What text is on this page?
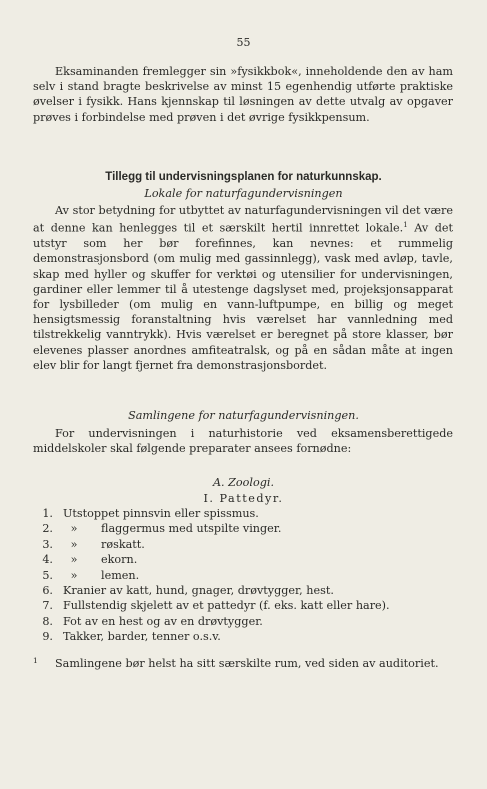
55

Eksaminanden fremlegger sin »fysikkbok«, inneholdende den av ham selv i stand bragte beskrivelse av minst 15 egenhendig utførte praktiske øvelser i fysikk. Hans kjennskap til løsningen av dette utvalg av opgaver prøves i forbindelse med prøven i det øvrige fysikkpensum.

Tillegg til undervisningsplanen for naturkunnskap.
Lokale for naturfagundervisningen

Av stor betydning for utbyttet av naturfagundervisningen vil det være at denne kan henlegges til et særskilt hertil innrettet lokale.$^1$ Av det utstyr som her bør forefinnes, kan nevnes: et rummelig demonstrasjonsbord (om mulig med gassinnlegg), vask med avløp, tavle, skap med hyller og skuffer for verktøi og utensilier for undervisningen, gardiner eller lemmer til å utestenge dagslyset med, projeksjonsapparat for lysbilleder (om mulig en vann-luftpumpe, en billig og meget hensigtsmessig foranstaltning hvis værelset har vannledning med tilstrekkelig vanntrykk). Hvis værelset er beregnet på store klasser, bør elevenes plasser anordnes amfiteatralsk, og på en sådan måte at ingen elev blir for langt fjernet fra demonstrasjonsbordet.

Samlingene for naturfagundervisningen.

For undervisningen i naturhistorie ved eksamensberettigede middelskoler skal følgende preparater ansees fornødne:

A. Zoologi.
I. Pattedyr.
1. Utstoppet pinnsvin eller spissmus.
2.	»	flaggermus med utspilte vinger.
3.	»	røskatt.
4.	»	ekorn.
5.	»	lemen.
6. Kranier av katt, hund, gnager, drøvtygger, hest.
7. Fullstendig skjelett av et pattedyr (f. eks. katt eller hare).
8. Fot av en hest og av en drøvtygger.
9. Takker, barder, tenner o.s.v.
1 Samlingene bør helst ha sitt særskilte rum, ved siden av auditoriet.
